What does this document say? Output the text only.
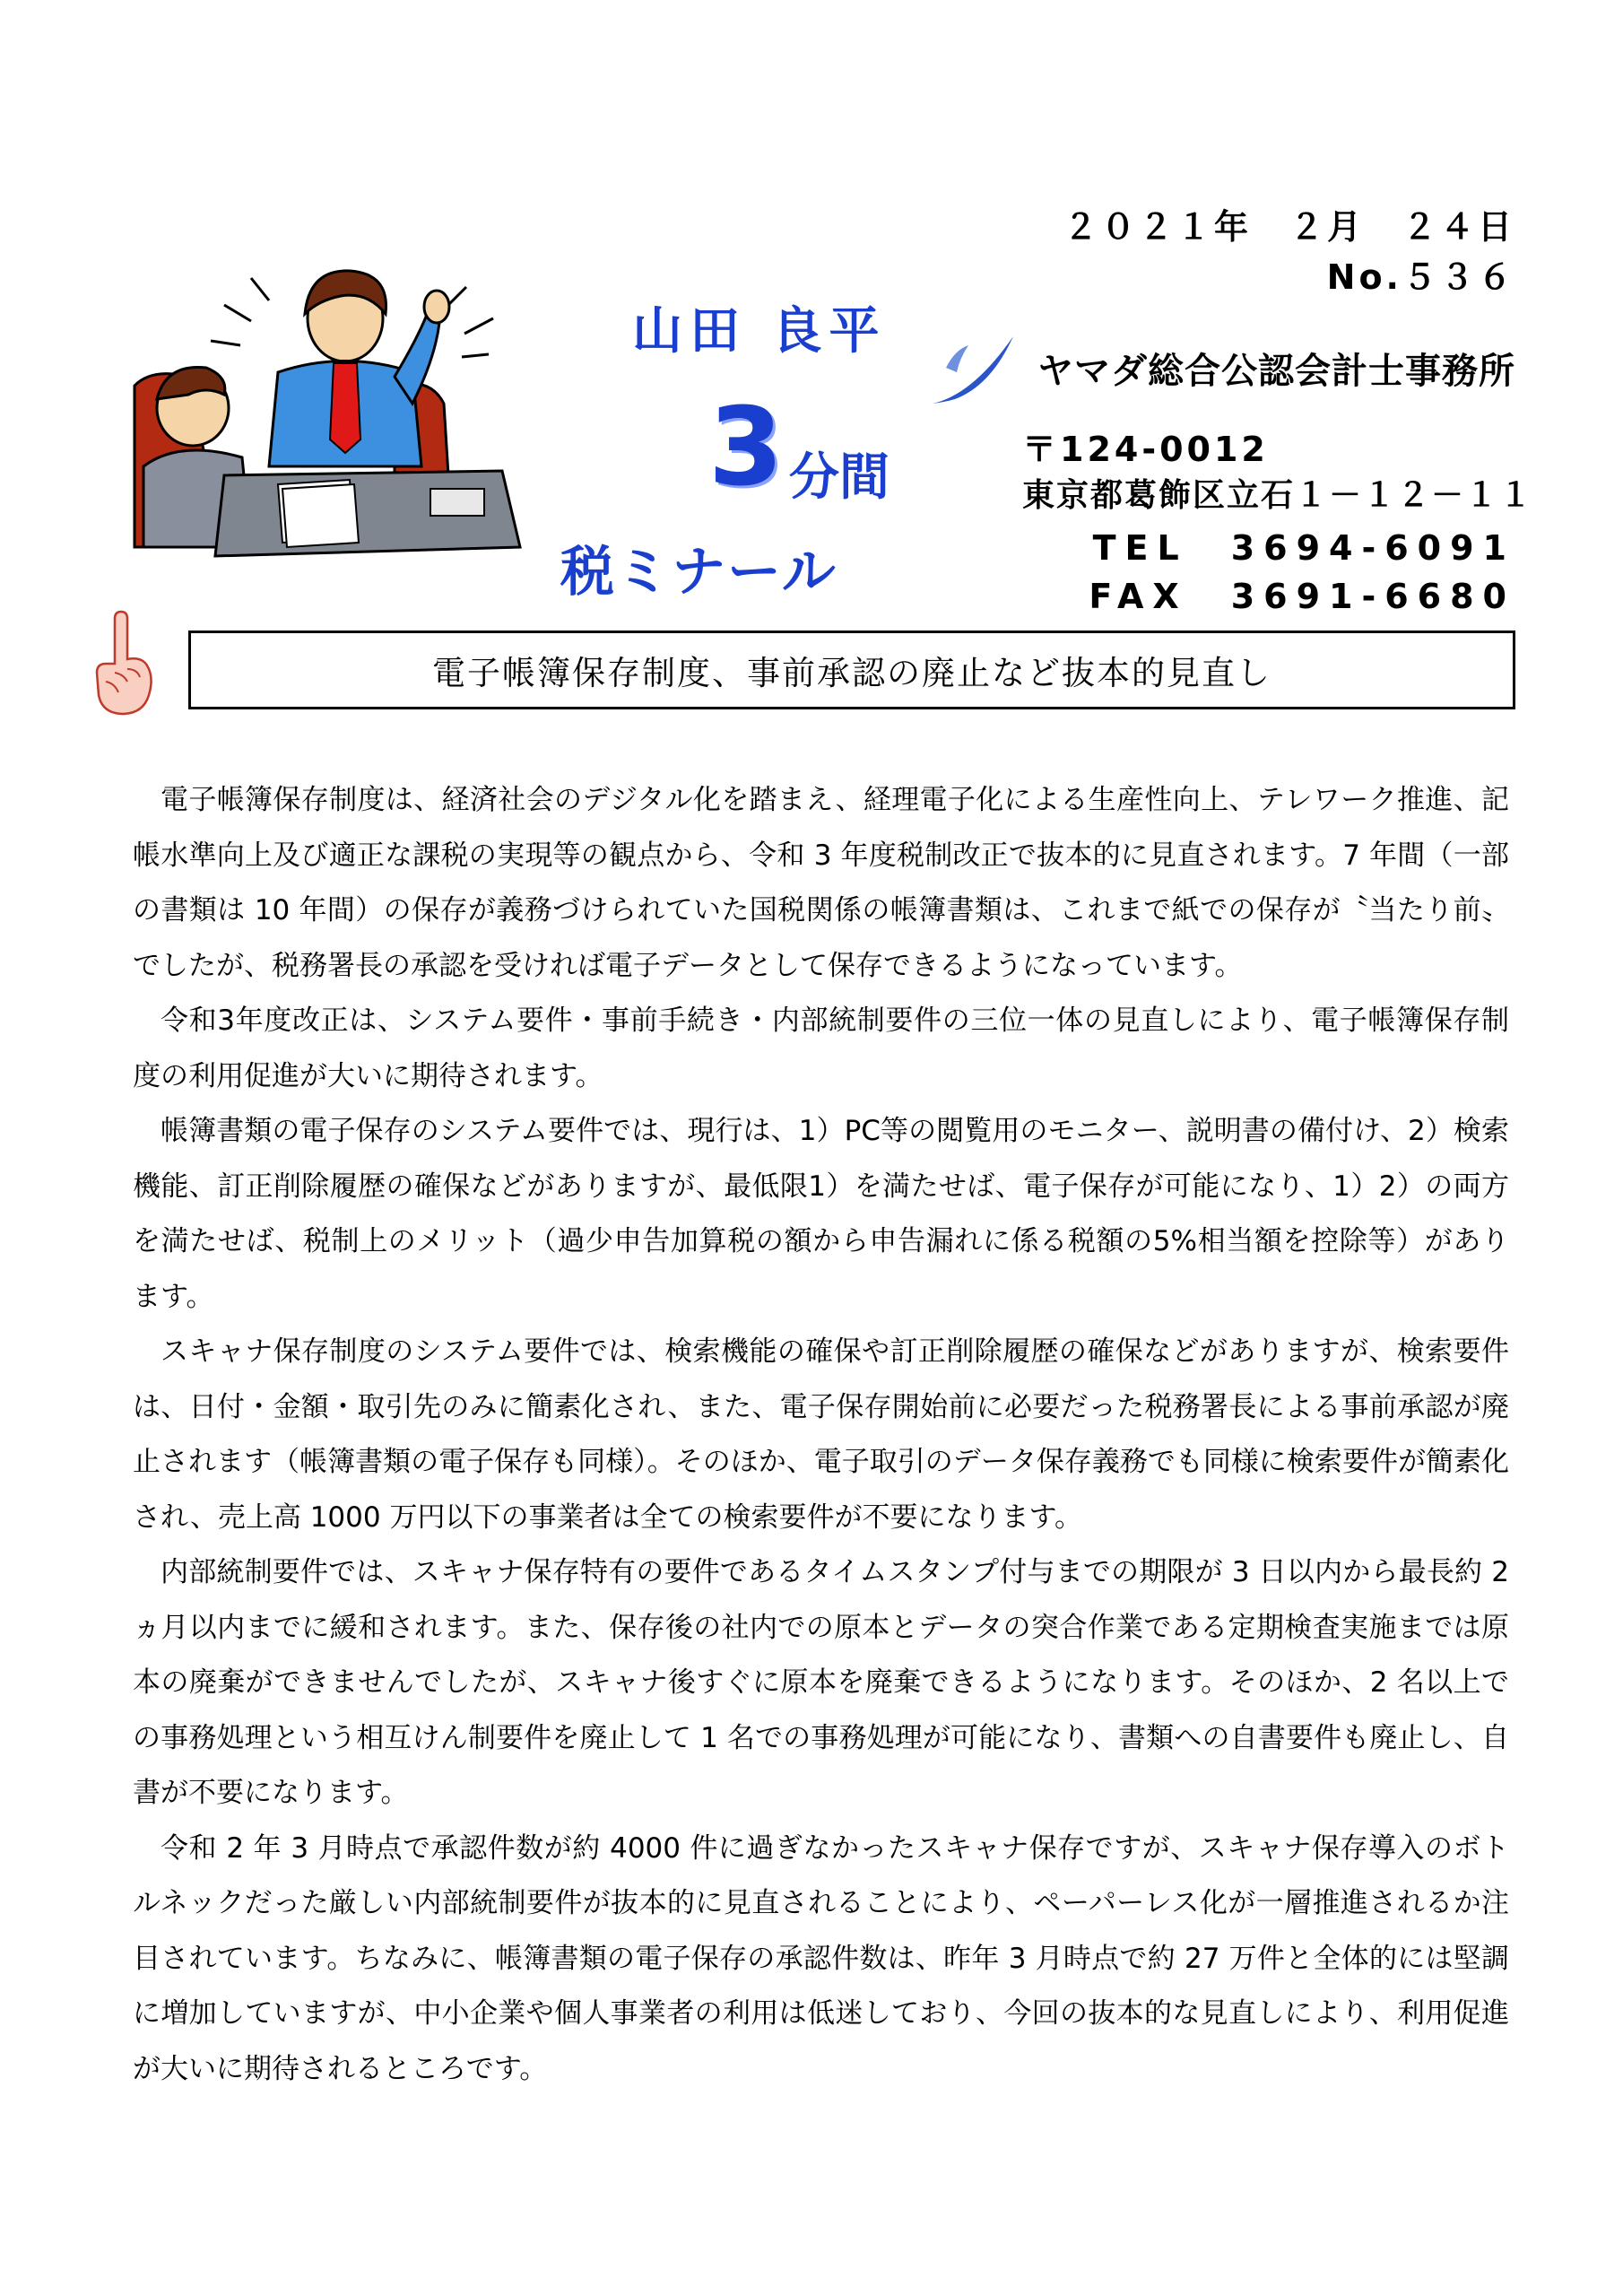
山田 良平
3 分間
税ミナール
２０２１年　２月　２４日
No.５３６
ヤマダ総合公認会計士事務所
〒124-0012
東京都葛飾区立石１－１２－１１
TEL　3694-6091
FAX　3691-6680
電子帳簿保存制度、事前承認の廃止など抜本的見直し

電子帳簿保存制度は、経済社会のデジタル化を踏まえ、経理電子化による生産性向上、テレワーク推進、記帳水準向上及び適正な課税の実現等の観点から、令和 3 年度税制改正で抜本的に見直されます。7 年間（一部の書類は 10 年間）の保存が義務づけられていた国税関係の帳簿書類は、これまで紙での保存が〝当たり前〟でしたが、税務署長の承認を受ければ電子データとして保存できるようになっています。

令和3年度改正は、システム要件・事前手続き・内部統制要件の三位一体の見直しにより、電子帳簿保存制度の利用促進が大いに期待されます。

帳簿書類の電子保存のシステム要件では、現行は、1）PC等の閲覧用のモニター、説明書の備付け、2）検索機能、訂正削除履歴の確保などがありますが、最低限1）を満たせば、電子保存が可能になり、1）2）の両方を満たせば、税制上のメリット（過少申告加算税の額から申告漏れに係る税額の5%相当額を控除等）があります。

スキャナ保存制度のシステム要件では、検索機能の確保や訂正削除履歴の確保などがありますが、検索要件は、日付・金額・取引先のみに簡素化され、また、電子保存開始前に必要だった税務署長による事前承認が廃止されます（帳簿書類の電子保存も同様）。そのほか、電子取引のデータ保存義務でも同様に検索要件が簡素化され、売上高 1000 万円以下の事業者は全ての検索要件が不要になります。

内部統制要件では、スキャナ保存特有の要件であるタイムスタンプ付与までの期限が 3 日以内から最長約 2ヵ月以内までに緩和されます。また、保存後の社内での原本とデータの突合作業である定期検査実施までは原本の廃棄ができませんでしたが、スキャナ後すぐに原本を廃棄できるようになります。そのほか、2 名以上での事務処理という相互けん制要件を廃止して 1 名での事務処理が可能になり、書類への自書要件も廃止し、自書が不要になります。

令和 2 年 3 月時点で承認件数が約 4000 件に過ぎなかったスキャナ保存ですが、スキャナ保存導入のボトルネックだった厳しい内部統制要件が抜本的に見直されることにより、ペーパーレス化が一層推進されるか注目されています。ちなみに、帳簿書類の電子保存の承認件数は、昨年 3 月時点で約 27 万件と全体的には堅調に増加していますが、中小企業や個人事業者の利用は低迷しており、今回の抜本的な見直しにより、利用促進が大いに期待されるところです。
